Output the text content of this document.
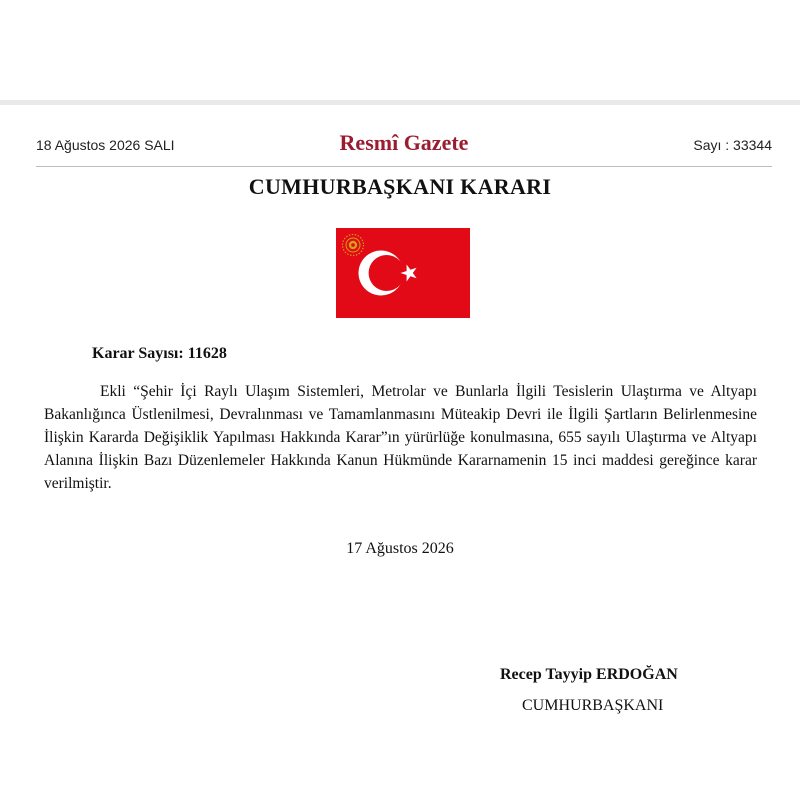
18 Ağustos 2026 SALI	Resmî Gazete	Sayı : 33344
CUMHURBAŞKANI KARARI
Karar Sayısı: 11628

Ekli “Şehir İçi Raylı Ulaşım Sistemleri, Metrolar ve Bunlarla İlgili Tesislerin Ulaştırma ve Altyapı Bakanlığınca Üstlenilmesi, Devralınması ve Tamamlanmasını Müteakip Devri ile İlgili Şartların Belirlenmesine İlişkin Kararda Değişiklik Yapılması Hakkında Karar”ın yürürlüğe konulmasına, 655 sayılı Ulaştırma ve Altyapı Alanına İlişkin Bazı Düzenlemeler Hakkında Kanun Hükmünde Kararnamenin 15 inci maddesi gereğince karar verilmiştir.

17 Ağustos 2026
Recep Tayyip ERDOĞAN
CUMHURBAŞKANI
